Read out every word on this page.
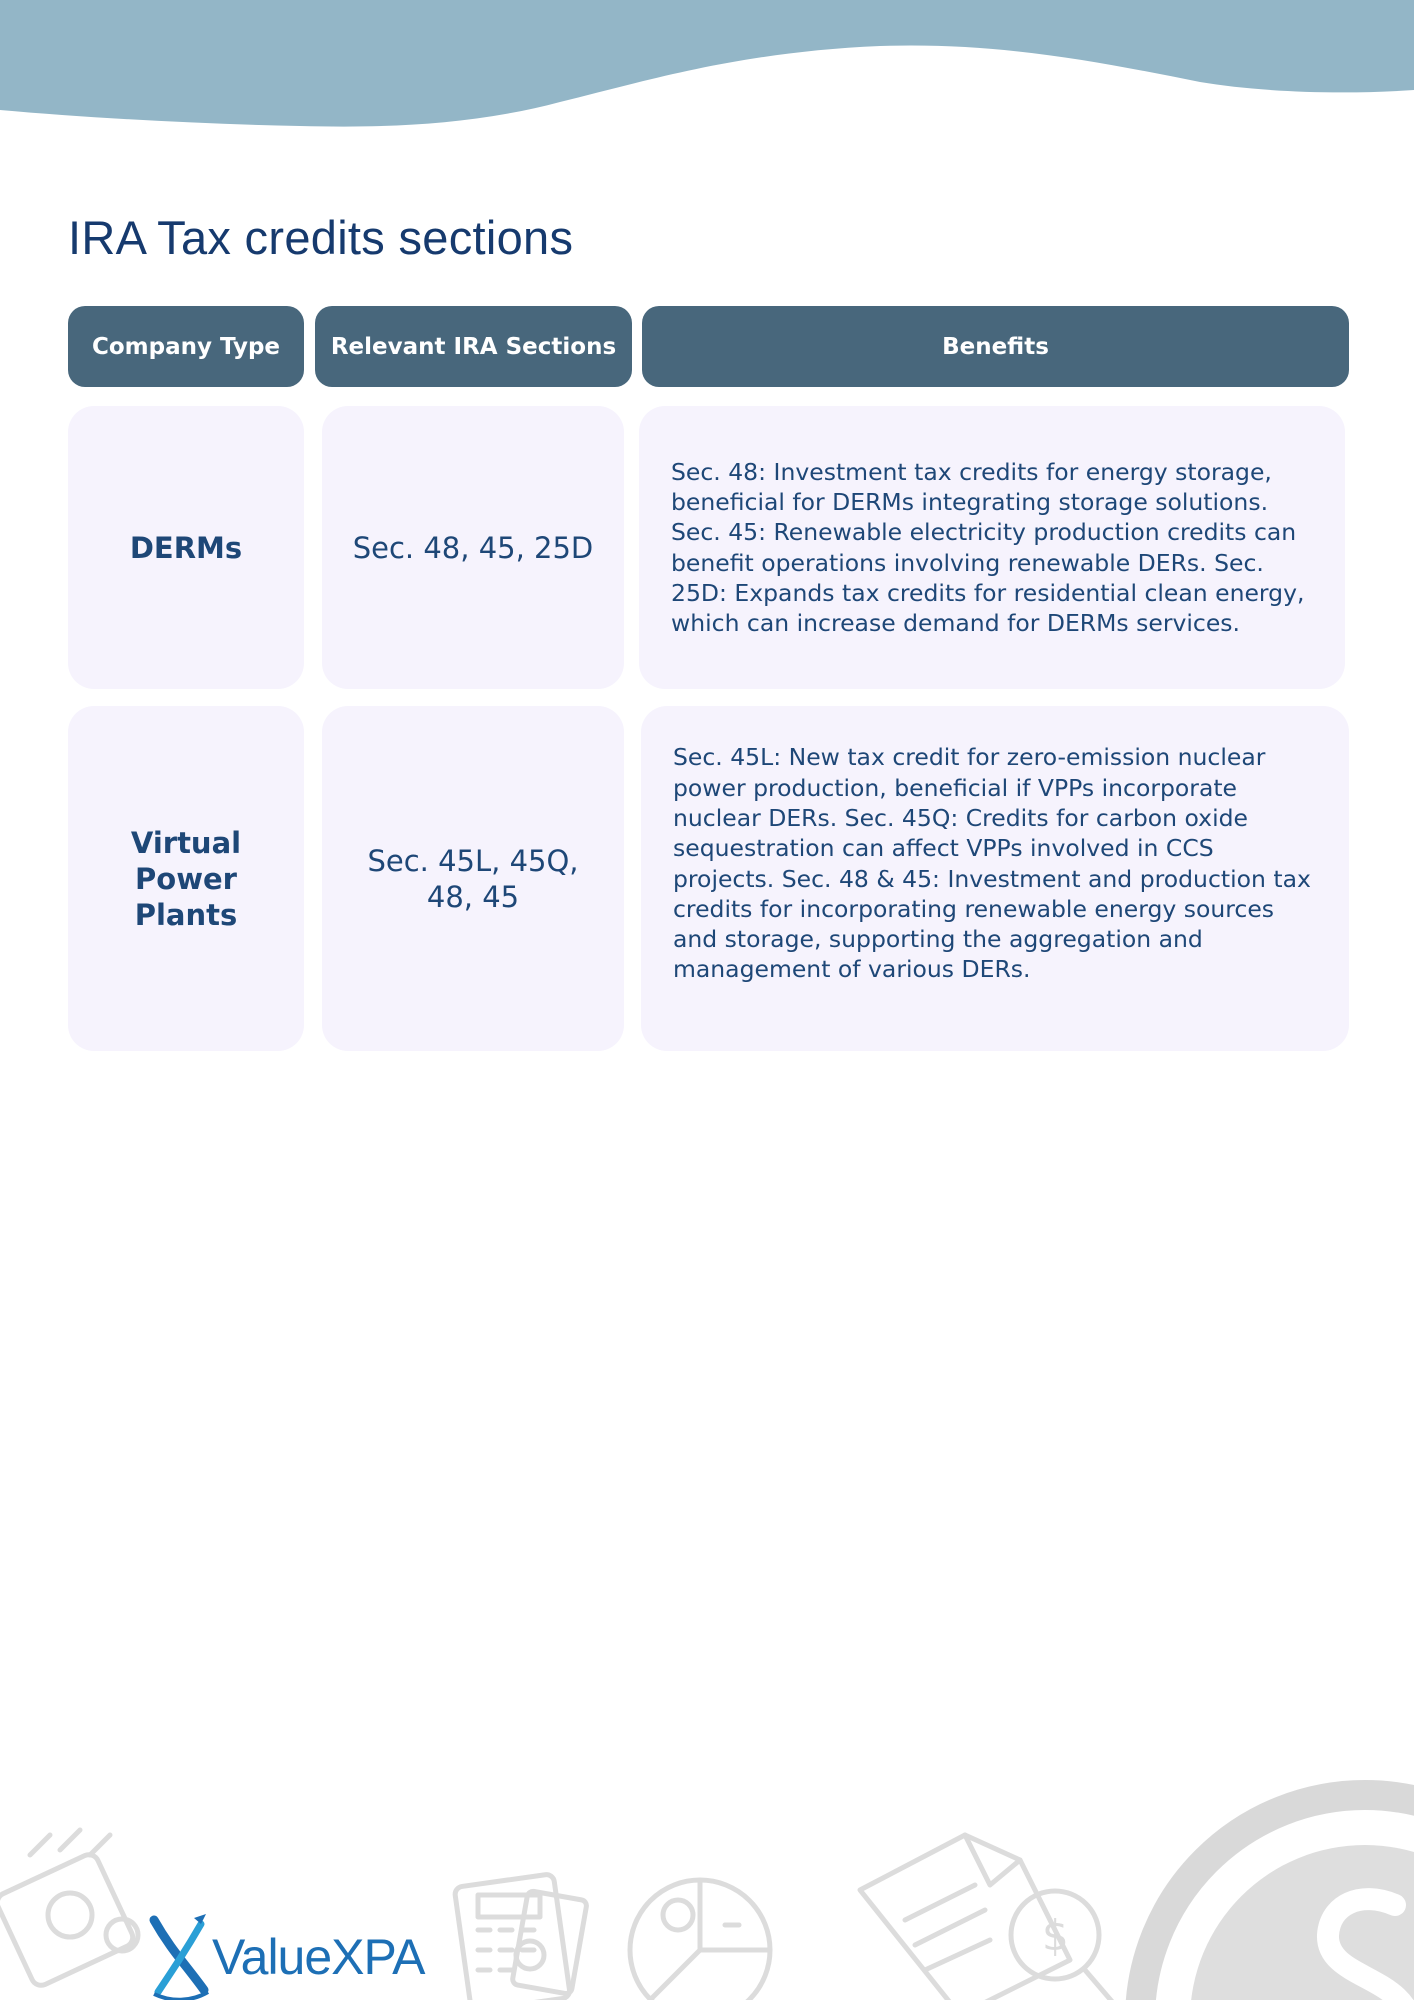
IRA Tax credits sections
Company Type Relevant IRA Sections	Benefits
DERMs	Sec. 48, 45, 25D
Sec. 48: Investment tax credits for energy storage, beneficial for DERMs integrating storage solutions. Sec. 45: Renewable electricity production credits can benefit operations involving renewable DERs. Sec. 25D: Expands tax credits for residential clean energy, which can increase demand for DERMs services.
Virtual Power Plants
Sec. 45L, 45Q, 48, 45
Sec. 45L: New tax credit for zero-emission nuclear power production, beneficial if VPPs incorporate nuclear DERs. Sec. 45Q: Credits for carbon oxide sequestration can affect VPPs involved in CCS projects. Sec. 48 & 45: Investment and production tax credits for incorporating renewable energy sources and storage, supporting the aggregation and management of various DERs.
$
ValueXPA
